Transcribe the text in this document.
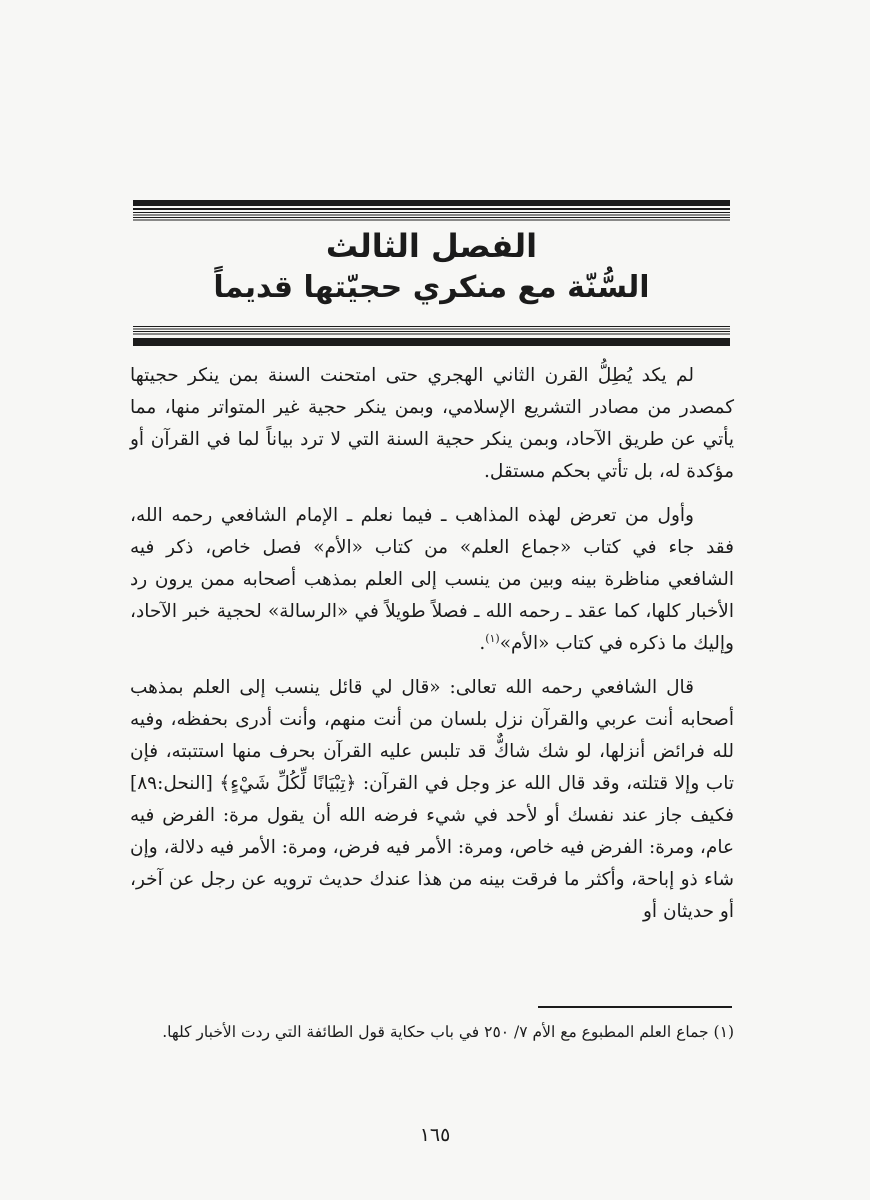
الفصل الثالث
السُّنّة مع منكري حجيّتها قديماً

لم يكد يُطِلُّ القرن الثاني الهجري حتى امتحنت السنة بمن ينكر حجيتها كمصدر من مصادر التشريع الإسلامي، وبمن ينكر حجية غير المتواتر منها، مما يأتي عن طريق الآحاد، وبمن ينكر حجية السنة التي لا ترد بياناً لما في القرآن أو مؤكدة له، بل تأتي بحكم مستقل.

وأول من تعرض لهذه المذاهب ـ فيما نعلم ـ الإمام الشافعي رحمه الله، فقد جاء في كتاب «جماع العلم» من كتاب «الأم» فصل خاص، ذكر فيه الشافعي مناظرة بينه وبين من ينسب إلى العلم بمذهب أصحابه ممن يرون رد الأخبار كلها، كما عقد ـ رحمه الله ـ فصلاً طويلاً في «الرسالة» لحجية خبر الآحاد، وإليك ما ذكره في كتاب «الأم»$^{(١)}$.

قال الشافعي رحمه الله تعالى: «قال لي قائل ينسب إلى العلم بمذهب أصحابه أنت عربي والقرآن نزل بلسان من أنت منهم، وأنت أدرى بحفظه، وفيه لله فرائض أنزلها، لو شك شاكٌّ قد تلبس عليه القرآن بحرف منها استتبته، فإن تاب وإلا قتلته، وقد قال الله عز وجل في القرآن: ﴿تِبْيَانًا لِّكُلِّ شَيْءٍ﴾ [النحل:٨٩] فكيف جاز عند نفسك أو لأحد في شيء فرضه الله أن يقول مرة: الفرض فيه عام، ومرة: الفرض فيه خاص، ومرة: الأمر فيه فرض، ومرة: الأمر فيه دلالة، وإن شاء ذو إباحة، وأكثر ما فرقت بينه من هذا عندك حديث ترويه عن رجل عن آخر، أو حديثان أو

(١) جماع العلم المطبوع مع الأم ٧/ ٢٥٠ في باب حكاية قول الطائفة التي ردت الأخبار كلها.
١٦٥
